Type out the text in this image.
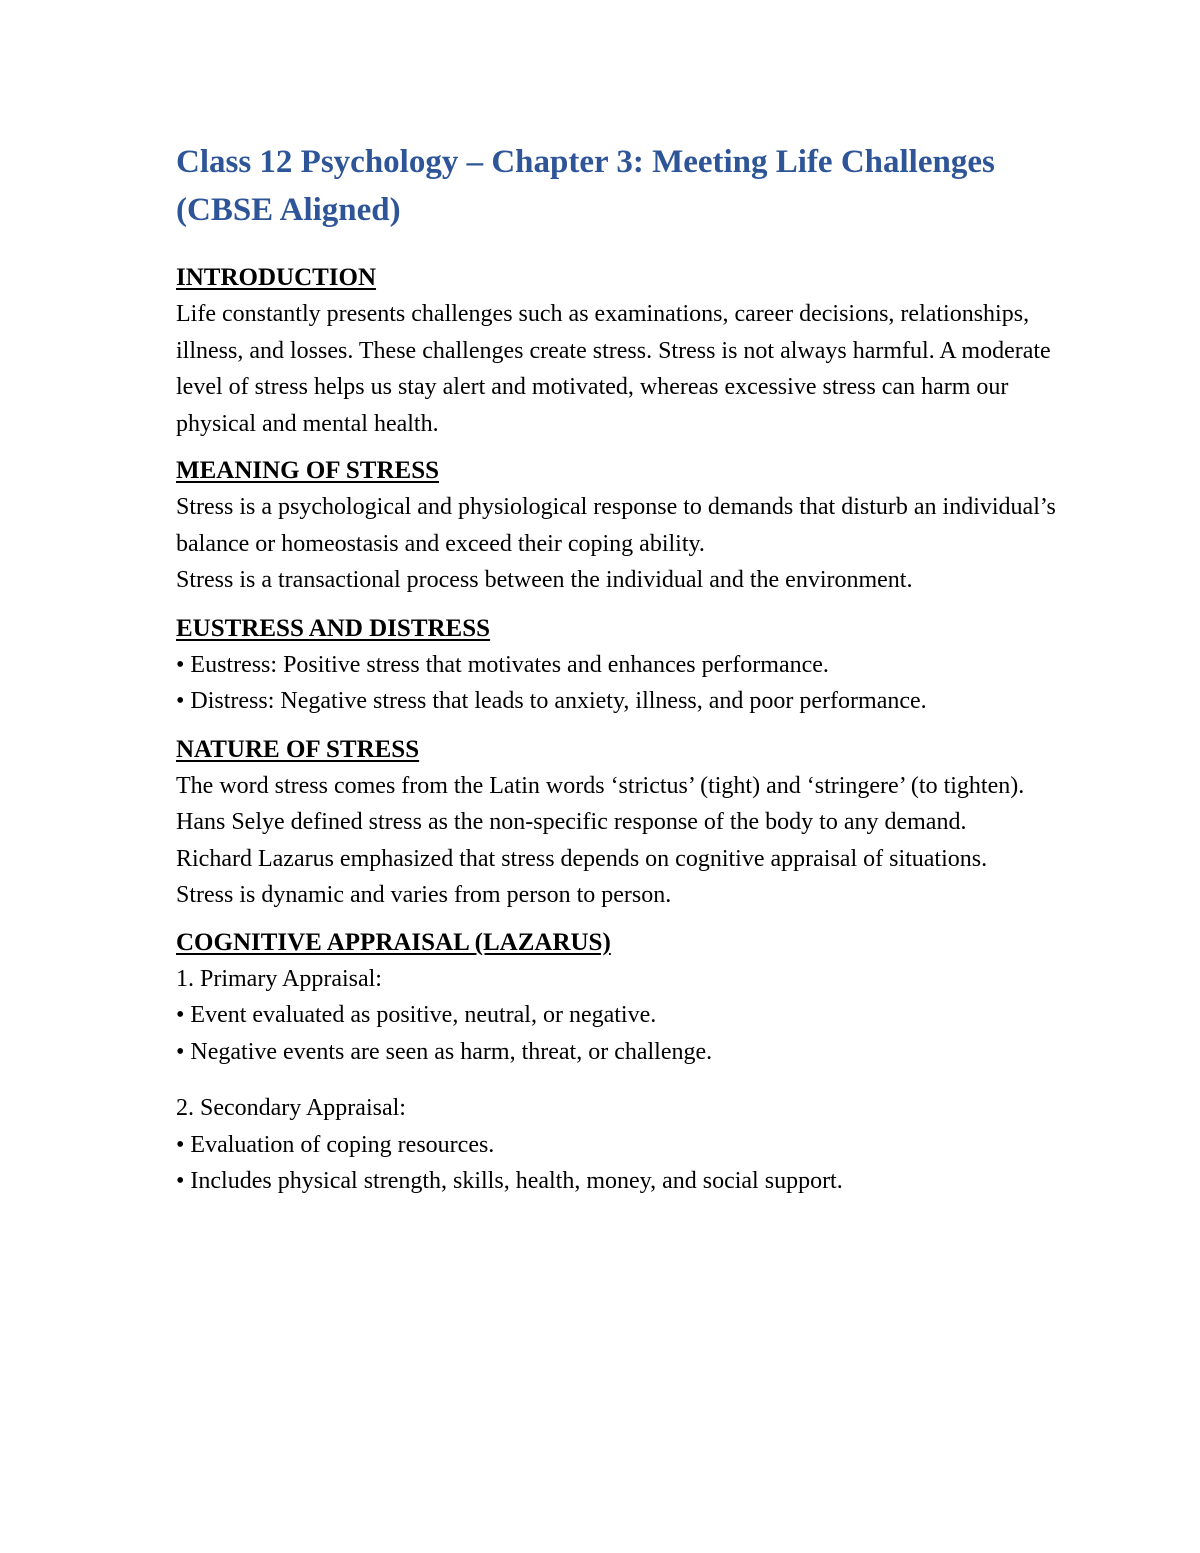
Class 12 Psychology – Chapter 3: Meeting Life Challenges (CBSE Aligned)
INTRODUCTION

Life constantly presents challenges such as examinations, career decisions, relationships, illness, and losses. These challenges create stress. Stress is not always harmful. A moderate level of stress helps us stay alert and motivated, whereas excessive stress can harm our physical and mental health.

MEANING OF STRESS

Stress is a psychological and physiological response to demands that disturb an individual’s balance or homeostasis and exceed their coping ability.

Stress is a transactional process between the individual and the environment.

EUSTRESS AND DISTRESS

• Eustress: Positive stress that motivates and enhances performance.

• Distress: Negative stress that leads to anxiety, illness, and poor performance.

NATURE OF STRESS

The word stress comes from the Latin words ‘strictus’ (tight) and ‘stringere’ (to tighten).

Hans Selye defined stress as the non-specific response of the body to any demand.

Richard Lazarus emphasized that stress depends on cognitive appraisal of situations.

Stress is dynamic and varies from person to person.

COGNITIVE APPRAISAL (LAZARUS)

1. Primary Appraisal:

• Event evaluated as positive, neutral, or negative.

• Negative events are seen as harm, threat, or challenge.

2. Secondary Appraisal:

• Evaluation of coping resources.

• Includes physical strength, skills, health, money, and social support.
